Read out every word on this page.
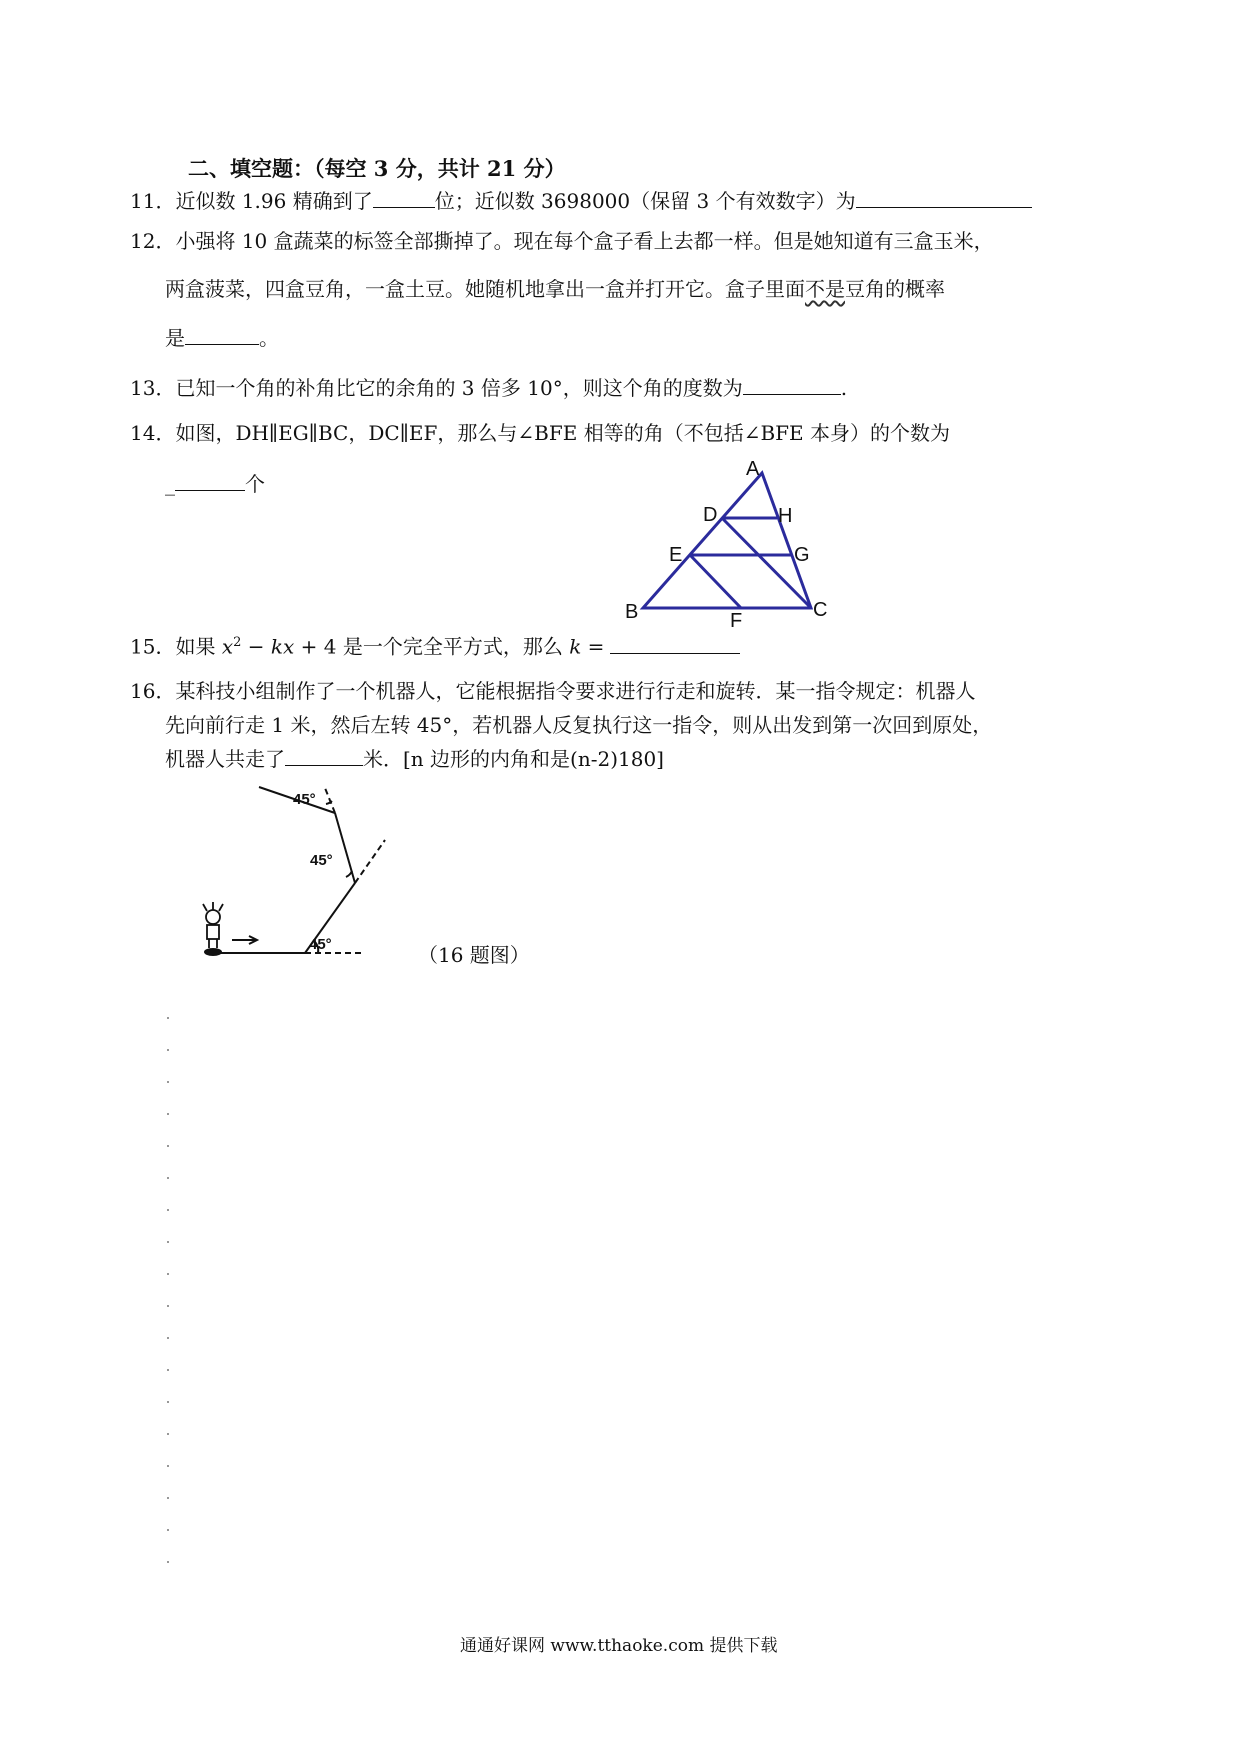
二、填空题：（每空 3 分，共计 21 分）
11．近似数 1.96 精确到了	位；近似数 3698000（保留 3 个有效数字）为
12．小强将 10 盒蔬菜的标签全部撕掉了。现在每个盒子看上去都一样。但是她知道有三盒玉米，
两盒菠菜，四盒豆角，一盒土豆。她随机地拿出一盒并打开它。盒子里面不是豆角的概率
是	。
13．已知一个角的补角比它的余角的 3 倍多 10°，则这个角的度数为	.
14．如图，DH∥EG∥BC，DC∥EF，那么与∠BFE 相等的角（不包括∠BFE 本身）的个数为
_	个
A
D	H
E	G
B	C
F
15．如果 $x^2$ − kx + 4 是一个完全平方式，那么 k =
16．某科技小组制作了一个机器人，它能根据指令要求进行行走和旋转．某一指令规定：机器人
先向前行走 1 米，然后左转 45°，若机器人反复执行这一指令，则从出发到第一次回到原处，
机器人共走了	米．[n 边形的内角和是(n-2)180]
45°
45°
45°
（16 题图）
通通好课网 www.tthaoke.com 提供下载
